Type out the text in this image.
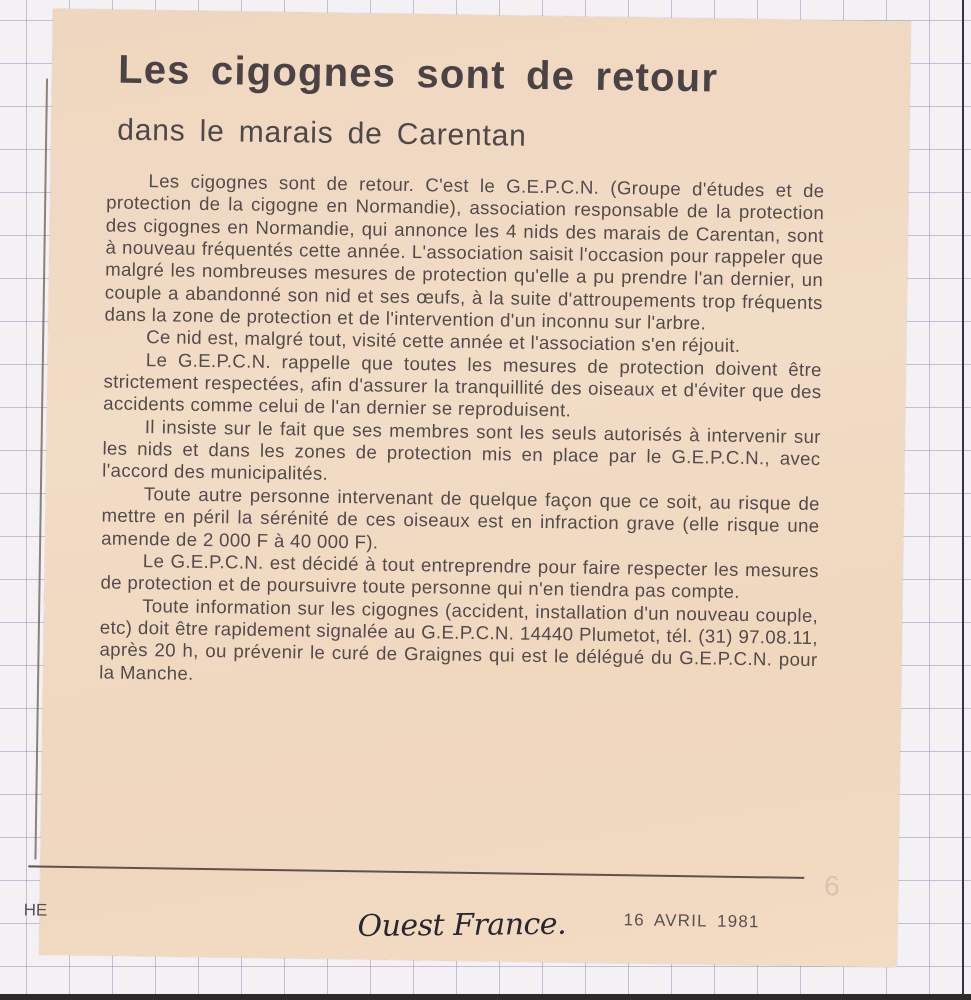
Les cigognes sont de retour
dans le marais de Carentan

Les cigognes sont de retour. C'est le G.E.P.C.N. (Groupe d'études et de protection de la cigogne en Normandie), association responsable de la protection des cigognes en Normandie, qui annonce les 4 nids des marais de Carentan, sont à nouveau fréquentés cette année. L'association saisit l'occasion pour rappeler que malgré les nombreuses mesures de protection qu'elle a pu prendre l'an dernier, un couple a abandonné son nid et ses œufs, à la suite d'attroupements trop fréquents dans la zone de protection et de l'intervention d'un inconnu sur l'arbre.

Ce nid est, malgré tout, visité cette année et l'association s'en réjouit.

Le G.E.P.C.N. rappelle que toutes les mesures de protection doivent être strictement respectées, afin d'assurer la tranquillité des oiseaux et d'éviter que des accidents comme celui de l'an dernier se reproduisent.

Il insiste sur le fait que ses membres sont les seuls autorisés à intervenir sur les nids et dans les zones de protection mis en place par le G.E.P.C.N., avec l'accord des municipalités.

Toute autre personne intervenant de quelque façon que ce soit, au risque de mettre en péril la sérénité de ces oiseaux est en infraction grave (elle risque une amende de 2 000 F à 40 000 F).

Le G.E.P.C.N. est décidé à tout entreprendre pour faire respecter les mesures de protection et de poursuivre toute personne qui n'en tiendra pas compte.

Toute information sur les cigognes (accident, installation d'un nouveau couple, etc) doit être rapidement signalée au G.E.P.C.N. 14440 Plumetot, tél. (31) 97.08.11, après 20 h, ou prévenir le curé de Graignes qui est le délégué du G.E.P.C.N. pour la Manche.

6
HE	Ouest France.	16 AVRIL 1981
